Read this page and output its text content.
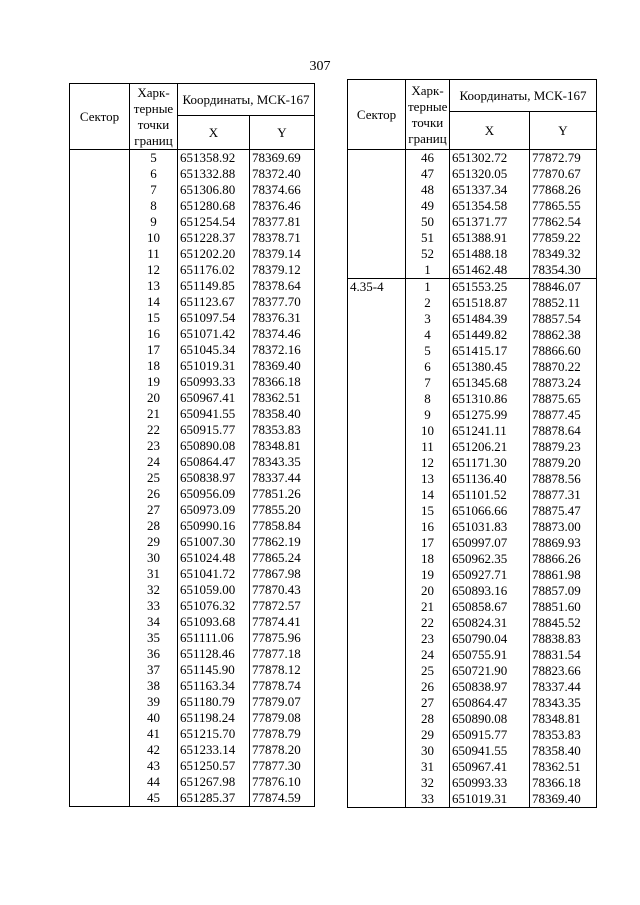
307
Сектор	Харк-терные точки границ	Координаты, МСК-167	
		X	Y
	5	651358.92	78369.69
	6	651332.88	78372.40
	7	651306.80	78374.66
	8	651280.68	78376.46
	9	651254.54	78377.81
	10	651228.37	78378.71
	11	651202.20	78379.14
	12	651176.02	78379.12
	13	651149.85	78378.64
	14	651123.67	78377.70
	15	651097.54	78376.31
	16	651071.42	78374.46
	17	651045.34	78372.16
	18	651019.31	78369.40
	19	650993.33	78366.18
	20	650967.41	78362.51
	21	650941.55	78358.40
	22	650915.77	78353.83
	23	650890.08	78348.81
	24	650864.47	78343.35
	25	650838.97	78337.44
	26	650956.09	77851.26
	27	650973.09	77855.20
	28	650990.16	77858.84
	29	651007.30	77862.19
	30	651024.48	77865.24
	31	651041.72	77867.98
	32	651059.00	77870.43
	33	651076.32	77872.57
	34	651093.68	77874.41
	35	651111.06	77875.96
	36	651128.46	77877.18
	37	651145.90	77878.12
	38	651163.34	77878.74
	39	651180.79	77879.07
	40	651198.24	77879.08
	41	651215.70	77878.79
	42	651233.14	77878.20
	43	651250.57	77877.30
	44	651267.98	77876.10
	45	651285.37	77874.59
Сектор	Харк-терные точки границ	Координаты, МСК-167	
		X	Y
	46	651302.72	77872.79
	47	651320.05	77870.67
	48	651337.34	77868.26
	49	651354.58	77865.55
	50	651371.77	77862.54
	51	651388.91	77859.22
	52	651488.18	78349.32
	1	651462.48	78354.30
4.35-4	1	651553.25	78846.07
	2	651518.87	78852.11
	3	651484.39	78857.54
	4	651449.82	78862.38
	5	651415.17	78866.60
	6	651380.45	78870.22
	7	651345.68	78873.24
	8	651310.86	78875.65
	9	651275.99	78877.45
	10	651241.11	78878.64
	11	651206.21	78879.23
	12	651171.30	78879.20
	13	651136.40	78878.56
	14	651101.52	78877.31
	15	651066.66	78875.47
	16	651031.83	78873.00
	17	650997.07	78869.93
	18	650962.35	78866.26
	19	650927.71	78861.98
	20	650893.16	78857.09
	21	650858.67	78851.60
	22	650824.31	78845.52
	23	650790.04	78838.83
	24	650755.91	78831.54
	25	650721.90	78823.66
	26	650838.97	78337.44
	27	650864.47	78343.35
	28	650890.08	78348.81
	29	650915.77	78353.83
	30	650941.55	78358.40
	31	650967.41	78362.51
	32	650993.33	78366.18
	33	651019.31	78369.40
